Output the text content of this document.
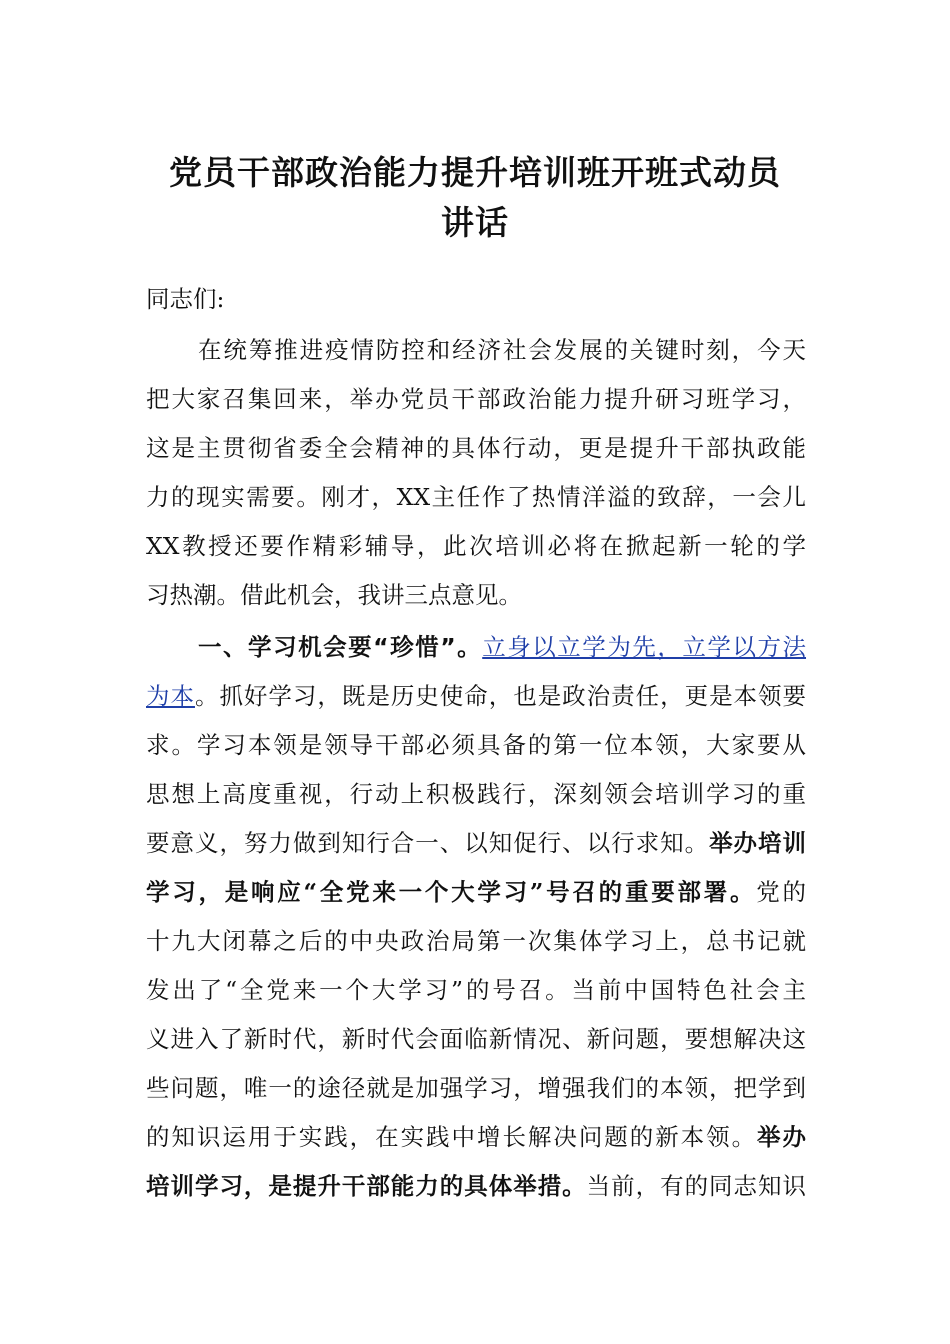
党员干部政治能力提升培训班开班式动员
讲话

同志们:

在统筹推进疫情防控和经济社会发展的关键时刻，今天

把大家召集回来，举办党员干部政治能力提升研习班学习，

这是主贯彻省委全会精神的具体行动，更是提升干部执政能

力的现实需要。刚才，XX主任作了热情洋溢的致辞，一会儿

XX教授还要作精彩辅导，此次培训必将在掀起新一轮的学

习热潮。借此机会，我讲三点意见。

一、学习机会要“珍惜”。立身以立学为先，立学以方法

为本。抓好学习，既是历史使命，也是政治责任，更是本领要

求。学习本领是领导干部必须具备的第一位本领，大家要从

思想上高度重视，行动上积极践行，深刻领会培训学习的重

要意义，努力做到知行合一、以知促行、以行求知。举办培训

学习，是响应“全党来一个大学习”号召的重要部署。党的

十九大闭幕之后的中央政治局第一次集体学习上，总书记就

发出了“全党来一个大学习”的号召。当前中国特色社会主

义进入了新时代，新时代会面临新情况、新问题，要想解决这

些问题，唯一的途径就是加强学习，增强我们的本领，把学到

的知识运用于实践，在实践中增长解决问题的新本领。举办

培训学习，是提升干部能力的具体举措。当前，有的同志知识
